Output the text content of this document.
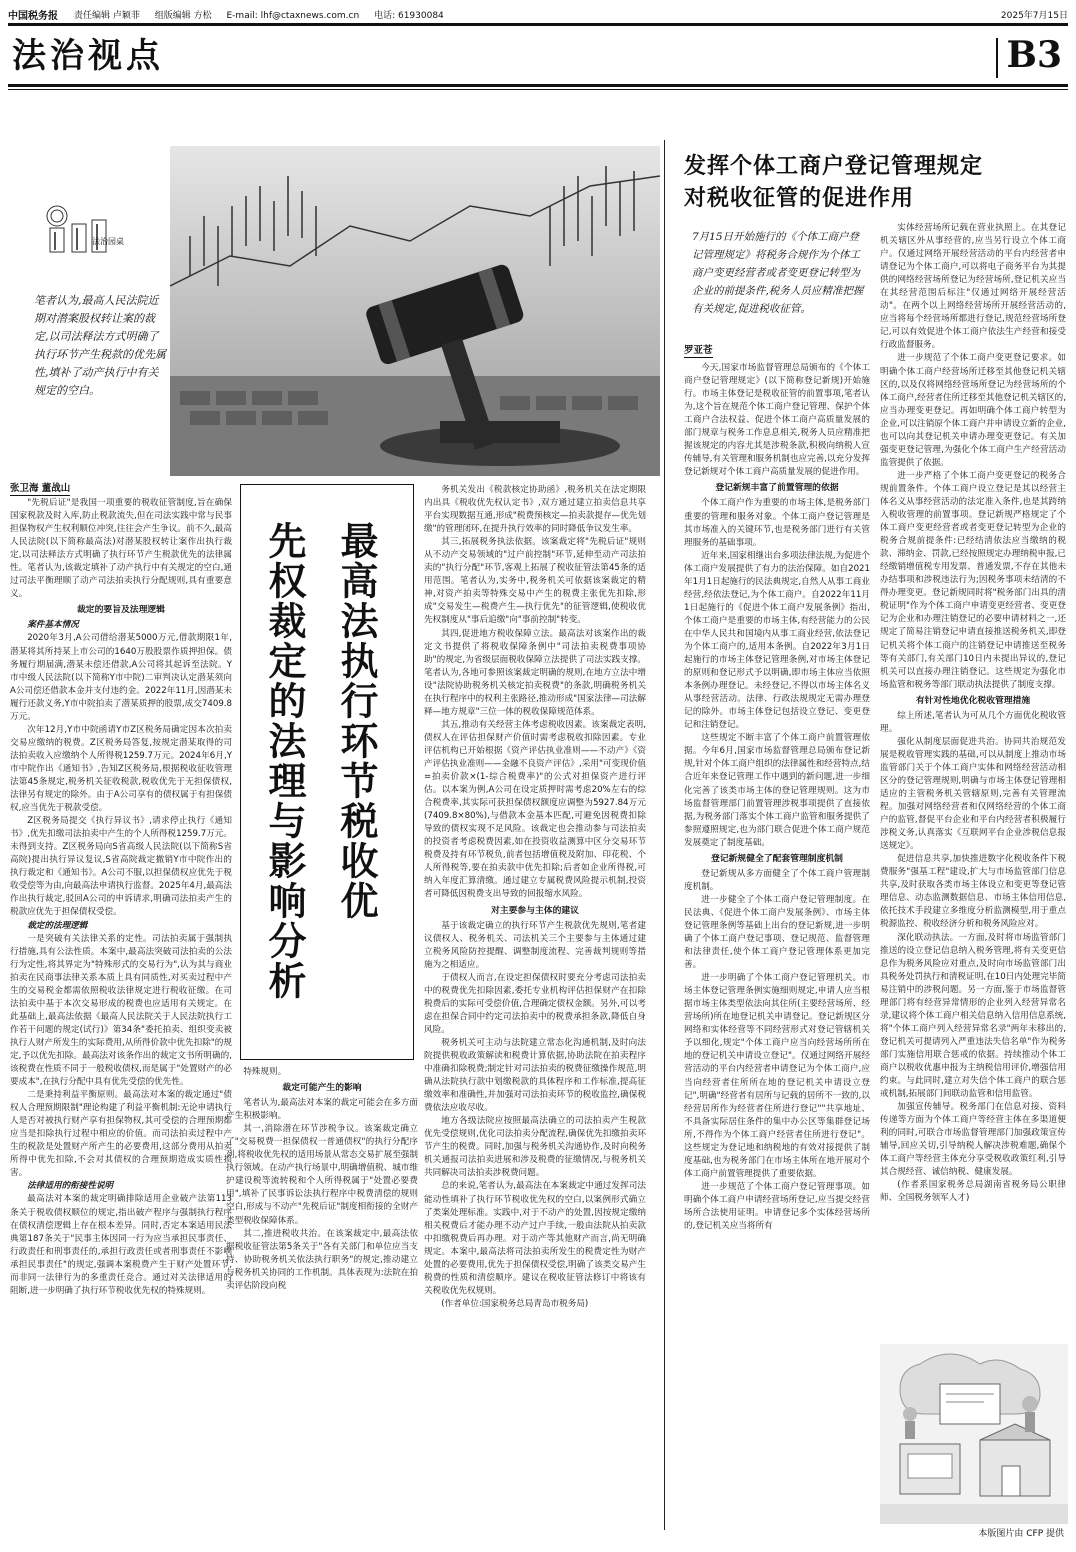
中国税务报 责任编辑 卢颖菲 组版编辑 方松 E-mail: lhf@ctaxnews.com.cn 电话: 61930084	2025年7月15日
法治视点	B3
法治园桌
笔者认为,最高人民法院近期对潜案股权转让案的裁定,以司法释法方式明确了执行环节产生税款的优先属性,填补了动产执行中有关规定的空白。
张卫海 董战山

"先税后证"是我国一项重要的税收征管制度,旨在确保国家税款及时入库,防止税款流失,但在司法实践中常与民事担保物权产生权利顺位冲突,往往会产生争议。前不久,最高人民法院(以下简称最高法)对潜某股权转让案作出执行裁定,以司法释法方式明确了执行环节产生税款优先的法律属性。笔者认为,该裁定填补了动产执行中有关规定的空白,通过司法平衡理顺了动产司法拍卖执行分配规则,具有重要意义。

裁定的要旨及法理逻辑
案件基本情况

2020年3月,A公司借给潜某5000万元,借款期限1年,潜某将其所持某上市公司的1640万股股票作质押担保。债务履行期届满,潜某未偿还借款,A公司将其起诉至法院。Y市中级人民法院(以下简称Y市中院)二审判决认定潜某须向A公司偿还借款本金并支付违约金。2022年11月,因潜某未履行还款义务,Y市中院拍卖了潜某质押的股票,成交7409.8万元。

次年12月,Y市中院函请Y市Z区税务局确定因本次拍卖交易应缴纳的税费。Z区税务局答复,按规定潜某取得的司法拍卖收入应缴纳个人所得税1259.7万元。2024年6月,Y市中院作出《通知书》,告知Z区税务局,根据税收征收管理法第45条规定,税务机关征收税款,税收优先于无担保债权,法律另有规定的除外。由于A公司享有的债权属于有担保债权,应当优先于税款受偿。

Z区税务局提交《执行异议书》,请求停止执行《通知书》,优先扣缴司法拍卖中产生的个人所得税1259.7万元。未得到支持。Z区税务局向S省高级人民法院(以下简称S省高院)提出执行异议复议,S省高院裁定撤销Y市中院作出的执行裁定和《通知书》。A公司不服,以担保债权应优先于税收受偿等为由,向最高法申请执行监督。2025年4月,最高法作出执行裁定,驳回A公司的申诉请求,明确司法拍卖产生的税款应优先于担保债权受偿。

裁定的法理逻辑

一是突破有关法律关系的定性。司法拍卖属于强制执行措施,具有公法性质。本案中,最高法突破司法拍卖的公法行为定性,将其界定为"特殊形式的交易行为",认为其与商业拍卖在民商事法律关系本质上具有同质性,对买卖过程中产生的交易税金都需依照税收法律规定进行税收征缴。在司法拍卖中基于本次交易形成的税费也应适用有关规定。在此基础上,最高法依据《最高人民法院关于人民法院执行工作若干问题的规定(试行)》第34条"委托拍卖、组织变卖被执行人财产所发生的实际费用,从所得价款中优先扣除"的规定,予以优先扣除。最高法对该条作出的裁定文书所明确的,该税费在性质不同于一般税收债权,而是属于"处置财产的必要成本",在执行分配中具有优先受偿的优先性。

二是秉持利益平衡原则。最高法对本案的裁定通过"债权人合理预期限制"理论构建了利益平衡机制:无论申请执行人是否对被执行财产享有担保物权,其可受偿的合理预期都应当是扣除执行过程中相应的价值。而司法拍卖过程中产生的税款是处置财产所产生的必要费用,这部分费用从拍卖所得中优先扣除,不会对其债权的合理预期造成实质性损害。

法律适用的衔接性说明

最高法对本案的裁定明确排除适用企业破产法第113条关于税收债权顺位的规定,指出破产程序与强制执行程序在债权清偿逻辑上存在根本差异。同时,否定本案适用民法典第187条关于"民事主体因同一行为应当承担民事责任、行政责任和刑事责任的,承担行政责任或者刑事责任不影响承担民事责任"的规定,强调本案税费产生于财产处置环节,而非同一法律行为的多重责任竞合。通过对关法律适用的阻断,进一步明确了执行环节税收优先权的特殊规则。

先权裁定的法理与影响分析 最高法执行环节税收优

特殊规则。

裁定可能产生的影响

笔者认为,最高法对本案的裁定可能会在多方面产生积极影响。

其一,消除潜在环节涉税争议。该案裁定确立了"交易税费一担保债权一普通债权"的执行分配序列,将税收优先权的适用场景从常态交易扩展至强制执行领域。在动产执行场景中,明确增值税、城市维护建设税等流转税和个人所得税属于"处置必要费用",填补了民事诉讼法执行程序中税费清偿的规则空白,形成与不动产"先税后证"制度相衔接的全财产类型税收保障体系。

其二,推进税收共治。在该案裁定中,最高法依据税收征管法第5条关于"各有关部门和单位应当支持、协助税务机关依法执行职务"的规定,推动建立与税务机关协同的工作机制。具体表现为:法院在拍卖评估阶段向税

务机关发出《税款核定协助函》,税务机关在法定期限内出具《税收优先权认定书》,双方通过建立拍卖信息共享平台实现数据互通,形成"税费预核定—拍卖款提存—优先划缴"的管理闭环,在提升执行效率的同时降低争议发生率。

其三,拓展税务执法依据。该案裁定将"先税后证"规则从不动产交易领域的"过户前控制"环节,延伸至动产司法拍卖的"执行分配"环节,客观上拓展了税收征管法第45条的适用范围。笔者认为,实务中,税务机关可依据该案裁定的精神,对资产拍卖等特殊交易中产生的税费主张优先扣除,形成"交易发生—税费产生—执行优先"的征管逻辑,使税收优先权制度从"事后追缴"向"事前控制"转变。

其四,促进地方税收保障立法。最高法对该案作出的裁定文书提供了将税收保障条例中"司法拍卖税费事项协助"的规定,为省级层面税收保障立法提供了司法实践支撑。笔者认为,各地可参照该案裁定明确的规则,在地方立法中增设"法院协助税务机关核定拍卖税费"的条款,明确税务机关在执行程序中的权利主张路径,推动形成"国家法律—司法解释—地方规章"三位一体的税收保障规范体系。

其五,推动有关经营主体考虑税收因素。该案裁定表明,债权人在评估担保财产价值时需考虑税收扣除因素。专业评估机构已开始根据《资产评估执业准则——不动产》《资产评估执业准则——金融不良资产评估》,采用"可变现价值=拍卖价款×(1-综合税费率)"的公式对担保资产进行评估。以本案为例,A公司在设定质押时需考虑20%左右的综合税费率,其实际可获担保债权额度应调整为5927.84万元(7409.8×80%),与借款本金基本匹配,可避免因税费扣除导致的债权实现不足风险。该裁定也会推动参与司法拍卖的投资者考虑税费因素,如在投资收益测算中区分交易环节税费及持有环节税负,前者包括增值税及附加、印花税、个人所得税等,要在拍卖款中优先扣除;后者如企业所得税,可纳入年度汇算清缴。通过建立专属税费风险提示机制,投资者可降低因税费支出导致的回报缩水风险。

对主要参与主体的建议

基于该裁定确立的执行环节产生税款优先规则,笔者建议债权人、税务机关、司法机关三个主要参与主体通过建立税务风险防控提醒、调整制度流程、完善裁判规则等措施为之相适应。

于债权人而言,在设定担保债权时要充分考虑司法拍卖中的税费优先扣除因素,委托专业机构评估担保财产在扣除税费后的实际可受偿价值,合理确定债权金额。另外,可以考虑在担保合同中约定司法拍卖中的税费承担条款,降低自身风险。

税务机关可主动与法院建立常态化沟通机制,及时向法院提供税收政策解读和税费计算依据,协助法院在拍卖程序中准确扣除税费;制定针对司法拍卖的税费征缴操作规范,明确从法院执行款中划缴税款的具体程序和工作标准,提高征缴效率和准确性,并加强对司法拍卖环节的税收监控,确保税费依法应收尽收。

地方各级法院应按照最高法确立的司法拍卖产生税款优先受偿规则,优化司法拍卖分配流程,确保优先扣缴拍卖环节产生的税费。同时,加强与税务机关沟通协作,及时向税务机关通报司法拍卖进展和涉及税费的征缴情况,与税务机关共同解决司法拍卖涉税费问题。

总的来说,笔者认为,最高法在本案裁定中通过发挥司法能动性填补了执行环节税收优先权的空白,以案例形式确立了类案处理标准。实践中,对于不动产的处置,因按规定缴纳相关税费后才能办理不动产过户手续,一般由法院从拍卖款中扣缴税费后再办理。对于动产等其他财产而言,尚无明确规定。本案中,最高法将司法拍卖所发生的税费定性为财产处置的必要费用,优先于担保债权受偿,明确了该类交易产生税费的性质和清偿顺序。建议在税收征管法修订中将该有关税收优先权规则。

(作者单位:国家税务总局青岛市税务局)

发挥个体工商户登记管理规定
对税收征管的促进作用
7月15日开始施行的《个体工商户登记管理规定》将税务合规作为个体工商户变更经营者或者变更登记转型为企业的前提条件,税务人员应精准把握有关规定,促进税收征管。
罗亚苍

今天,国家市场监督管理总局颁布的《个体工商户登记管理规定》(以下简称登记新规)开始施行。市场主体登记是税收征管的前置事项,笔者认为,这个旨在规范个体工商户登记管理、保护个体工商户合法权益、促进个体工商户高质量发展的部门规章与税务工作息息相关,税务人员应精准把握该规定的内容尤其是涉税条款,积极向纳税人宣传辅导,有关管理和服务机制也应完善,以充分发挥登记新规对个体工商户高质量发展的促进作用。

登记新规丰富了前置管理的依据

个体工商户作为重要的市场主体,是税务部门重要的管理和服务对象。个体工商户登记管理是其市场准入的关键环节,也是税务部门进行有关管理服务的基础事项。

近年来,国家相继出台多项法律法规,为促进个体工商户发展提供了有力的法治保障。如自2021年1月1日起施行的民法典规定,自然人从事工商业经营,经依法登记,为个体工商户。自2022年11月1日起施行的《促进个体工商户发展条例》指出,个体工商户是重要的市场主体,有经营能力的公民在中华人民共和国境内从事工商业经营,依法登记为个体工商户的,适用本条例。自2022年3月1日起施行的市场主体登记管理条例,对市场主体登记的原则和登记形式予以明确,即市场主体应当依照本条例办理登记。未经登记,不得以市场主体名义从事经营活动。法律、行政法规规定无需办理登记的除外。市场主体登记包括设立登记、变更登记和注销登记。

这些规定不断丰富了个体工商户前置管理依据。今年6月,国家市场监督管理总局颁布登记新规,针对个体工商户组织的法律属性和经营特点,结合近年来登记管理工作中遇到的新问题,进一步细化完善了该类市场主体的登记管理规则。这为市场监督管理部门前置管理涉税事项提供了直接依据,为税务部门落实个体工商户监管和服务提供了参照遵照规定,也为部门联合促进个体工商户规范发展奠定了制度基础。

登记新规健全了配套管理制度机制

登记新规从多方面健全了个体工商户管理制度机制。

进一步健全了个体工商户登记管理制度。在民法典、《促进个体工商户发展条例》、市场主体登记管理条例等基础上出台的登记新规,进一步明确了个体工商户登记事项、登记规范、监督管理和法律责任,使个体工商户登记管理体系更加完善。

进一步明确了个体工商户登记管理机关。市场主体登记管理条例实施细则规定,申请人应当根据市场主体类型依法向其住所(主要经营场所、经营场所)所在地登记机关申请登记。登记新规区分网络和实体经营等不同经营形式对登记管辖机关予以细化,规定"个体工商户应当向经营场所所在地的登记机关申请设立登记"。仅通过网络开展经营活动的平台内经营者申请登记为个体工商户,应当向经营者住所所在地的登记机关申请设立登记",明确"经营者有居所与记载的居所不一致的,以经营居所作为经营者住所进行登记""共享地址、不具备实际居住条件的集中办公区等集群登记场所,不得作为个体工商户经营者住所进行登记"。这些规定为登记地和纳税地的有效对接提供了制度基础,也为税务部门在市场主体所在地开展对个体工商户前置管理提供了重要依据。

进一步规范了个体工商户登记管理事项。如明确个体工商户申请经营场所登记,应当提交经营场所合法使用证明。申请登记多个实体经营场所的,登记机关应当将所有

实体经营场所记载在营业执照上。在其登记机关辖区外从事经营的,应当另行设立个体工商户。仅通过网络开展经营活动的平台内经营者申请登记为个体工商户,可以将电子商务平台为其提供的网络经营场所登记为经营场所,登记机关应当在其经营范围后标注"仅通过网络开展经营活动"。在两个以上网络经营场所开展经营活动的,应当将每个经营场所都进行登记,规范经营场所登记,可以有效促进个体工商户依法生产经营和接受行政监督服务。

进一步规范了个体工商户变更登记要求。如明确个体工商户经营场所迁移至其他登记机关辖区的,以及仅将网络经营场所登记为经营场所的个体工商户,经营者住所迁移至其他登记机关辖区的,应当办理变更登记。再如明确个体工商户转型为企业,可以注销原个体工商户并申请设立新的企业,也可以向其登记机关申请办理变更登记。有关加强变更登记管理,为强化个体工商户生产经营活动监管提供了依据。

进一步严格了个体工商户变更登记的税务合规前置条件。个体工商户设立登记是其以经营主体名义从事经营活动的法定准入条件,也是其跨纳入税收管理的前置事项。登记新规严格规定了个体工商户变更经营者或者变更登记转型为企业的税务合规前提条件:已经结清依法应当缴纳的税款、滞纳金、罚款,已经按照规定办理纳税申报,已经缴销增值税专用发票、普通发票,不存在其他未办结事项和涉税违法行为;因税务事项未结清的不得办理变更。登记新规同时将"税务部门出具的清税证明"作为个体工商户申请变更经营者、变更登记为企业和办理注销登记的必要申请材料之一,还规定了简易注销登记申请直接推送税务机关,即登记机关将个体工商户的注销登记申请推送至税务等有关部门,有关部门10日内未提出异议的,登记机关可以直接办理注销登记。这些规定为强化市场监管和税务等部门联动执法提供了制度支撑。

有针对性地优化税收管理措施

综上所述,笔者认为可从几个方面优化税收管理。

强化从制度层面促进共治。协同共治规范发展是税收管理实践的基础,可以从制度上推动市场监管部门关于个体工商户实体和网络经营活动相区分的登记管理规则,明确与市场主体登记管理相适应的主管税务机关管辖原则,完善有关管理流程。加强对网络经营者和仅网络经营的个体工商户的监管,督促平台企业和平台内经营者积极履行涉税义务,认真落实《互联网平台企业涉税信息报送规定》。

促进信息共享,加快推进数字化税收条件下税费服务"强基工程"建设,扩大与市场监管部门信息共享,及时获取各类市场主体设立和变更等登记管理信息、动态监测数据信息、市场主体信用信息,依托技术手段建立多维度分析监测模型,用于重点税源监控、税收经济分析和税务风险应对。

深化联动执法。一方面,及时将市场监管部门推送的设立登记信息纳入税务管理,将有关变更信息作为税务风险应对重点,及时向市场监管部门出具税务处罚执行和清税证明,在10日内处理完毕简易注销中的涉税问题。另一方面,鉴于市场监督管理部门将有经营异常情形的企业列入经营异常名录,建议将个体工商户相关信息纳入信用信息系统,将"个体工商户列入经营异常名录"两年未移出的,登记机关可提请列入严重违法失信名单"作为税务部门实施信用联合惩戒的依据。持续推动个体工商户以税收优惠申报为主纳税信用评价,增强信用约束。与此同时,建立对失信个体工商户的联合惩戒机制,拓展部门间联动监管和信用监管。

加强宣传辅导。税务部门在信息对接、资料传递等方面为个体工商户等经营主体在多渠道便利的同时,可联合市场监督管理部门加强政策宣传辅导,回应关切,引导纳税人解决涉税难题,确保个体工商户等经营主体充分享受税收政策红利,引导其合规经营、诚信纳税、健康发展。

(作者系国家税务总局湖南省税务局公职律师、全国税务领军人才)

本版图片由 CFP 提供
